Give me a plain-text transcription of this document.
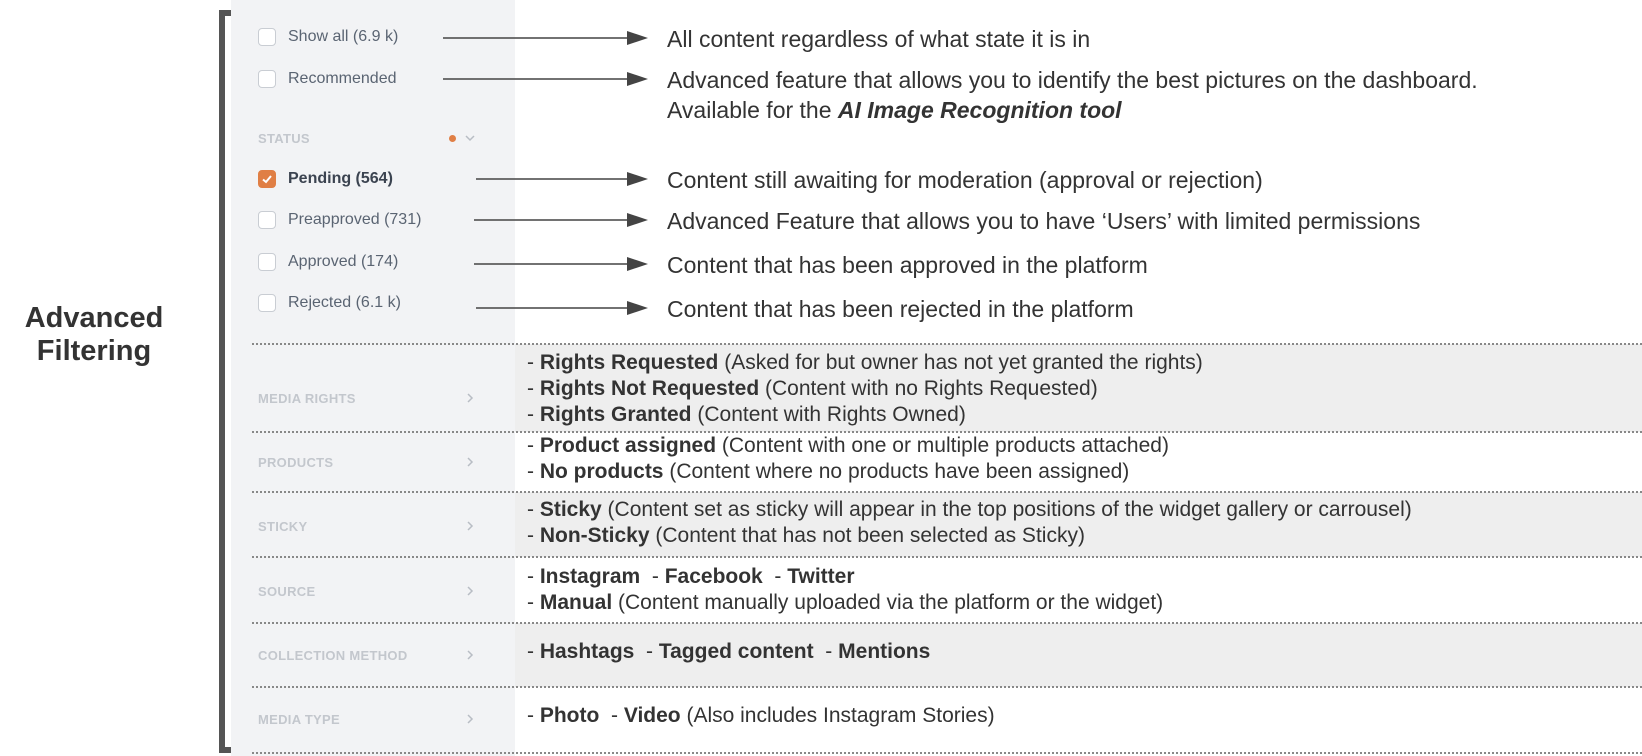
Advanced
Filtering
Show all (6.9 k)
Recommended
STATUS
Pending (564)
Preapproved (731)
Approved (174)
Rejected (6.1 k)
MEDIA RIGHTS
PRODUCTS
STICKY
SOURCE
COLLECTION METHOD
MEDIA TYPE
All content regardless of what state it is in
Advanced feature that allows you to identify the best pictures on the dashboard.
Available for the AI Image Recognition tool
Content still awaiting for moderation (approval or rejection)
Advanced Feature that allows you to have ‘Users’ with limited permissions
Content that has been approved in the platform
Content that has been rejected in the platform
- Rights Requested (Asked for but owner has not yet granted the rights)
- Rights Not Requested (Content with no Rights Requested)
- Rights Granted (Content with Rights Owned)
- Product assigned (Content with one or multiple products attached)
- No products (Content where no products have been assigned)
- Sticky (Content set as sticky will appear in the top positions of the widget gallery or carrousel)
- Non-Sticky (Content that has not been selected as Sticky)
- Instagram  - Facebook  - Twitter
- Manual (Content manually uploaded via the platform or the widget)
- Hashtags  - Tagged content  - Mentions
- Photo  - Video (Also includes Instagram Stories)
